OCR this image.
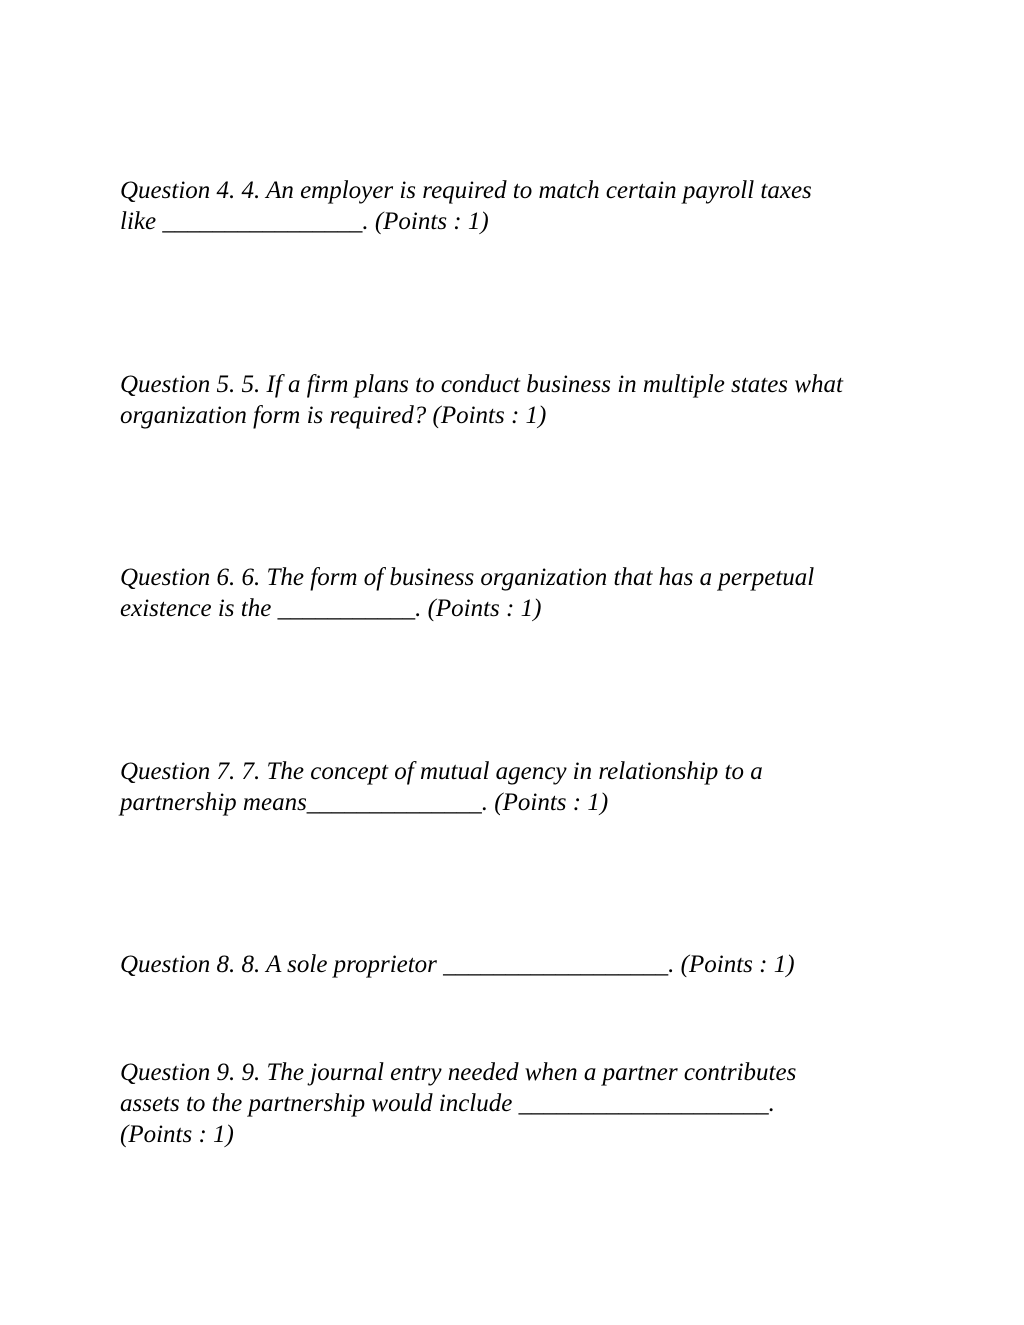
Question 4. 4. An employer is required to match certain payroll taxes
like ________________. (Points : 1)

Question 5. 5. If a firm plans to conduct business in multiple states what
organization form is required? (Points : 1)

Question 6. 6. The form of business organization that has a perpetual
existence is the ___________. (Points : 1)

Question 7. 7. The concept of mutual agency in relationship to a
partnership means______________. (Points : 1)

Question 8. 8. A sole proprietor __________________. (Points : 1)

Question 9. 9. The journal entry needed when a partner contributes
assets to the partnership would include ____________________.
(Points : 1)
